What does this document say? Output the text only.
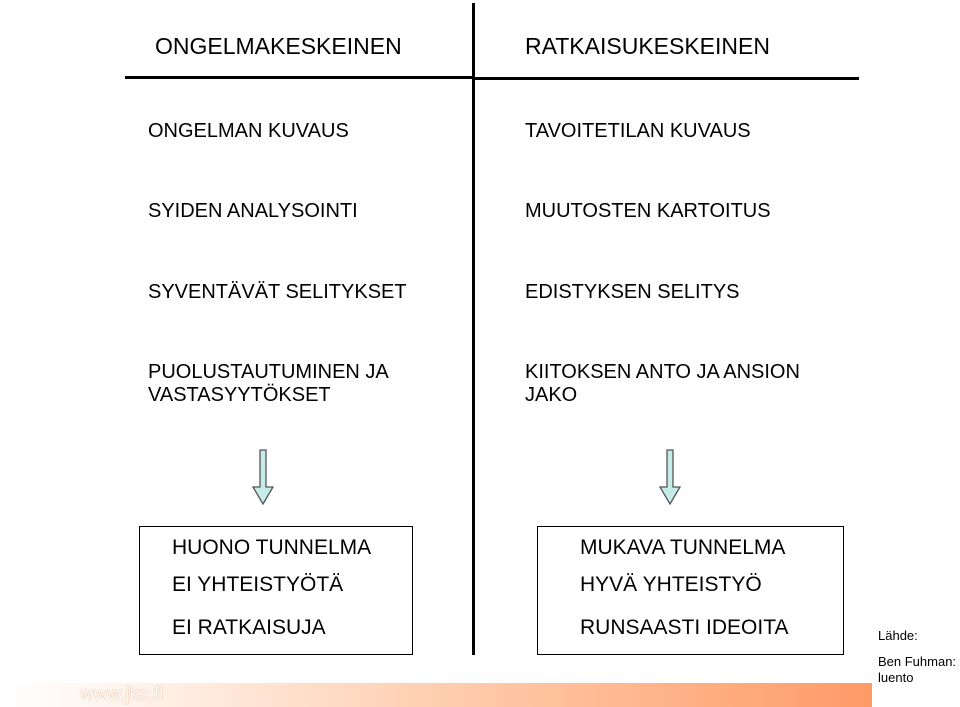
ONGELMAKESKEINEN	RATKAISUKESKEINEN
ONGELMAN KUVAUS
SYIDEN ANALYSOINTI
SYVENTÄVÄT SELITYKSET
PUOLUSTAUTUMINEN JA
VASTASYYTÖKSET
TAVOITETILAN KUVAUS
MUUTOSTEN KARTOITUS
EDISTYKSEN SELITYS
KIITOKSEN ANTO JA ANSION
JAKO
HUONO TUNNELMA
EI YHTEISTYÖTÄ
EI RATKAISUJA
MUKAVA TUNNELMA
HYVÄ YHTEISTYÖ
RUNSAASTI IDEOITA
www.jkc.fi
Lähde:
Ben Fuhman:
luento
